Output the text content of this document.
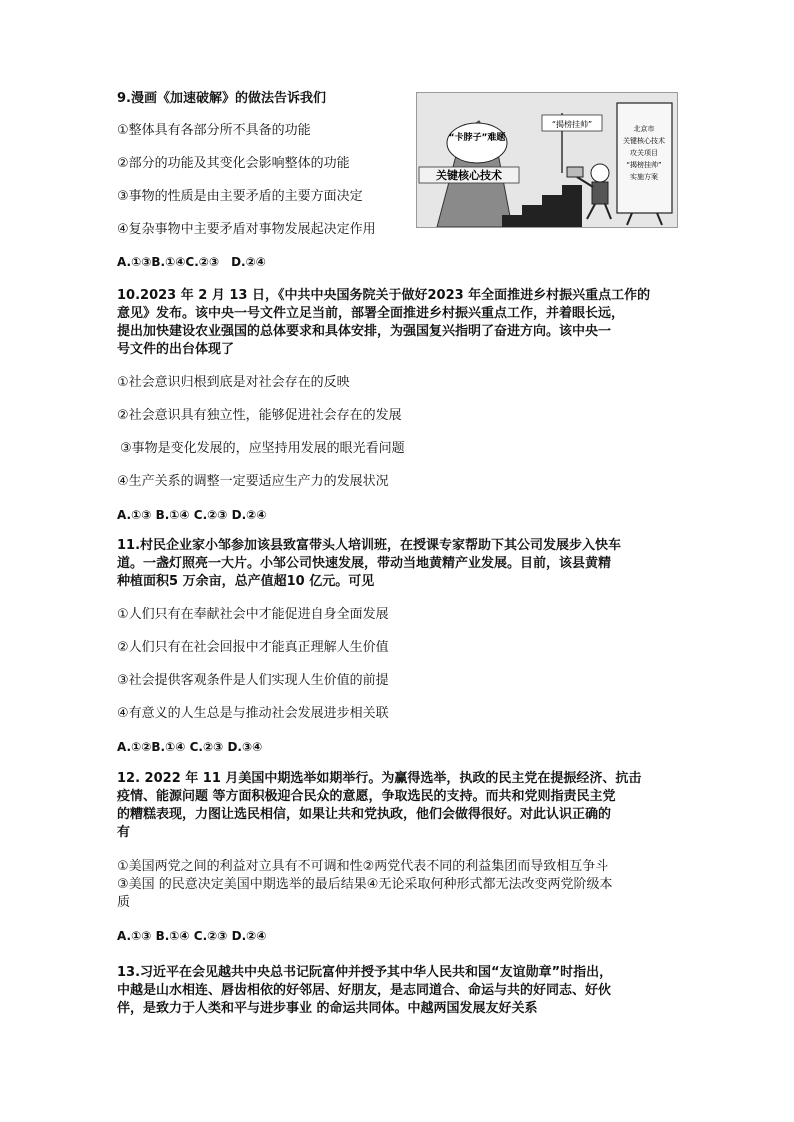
9.漫画《加速破解》的做法告诉我们

①整体具有各部分所不具备的功能

②部分的功能及其变化会影响整体的功能

③事物的性质是由主要矛盾的主要方面决定

④复杂事物中主要矛盾对事物发展起决定作用

A.①③B.①④C.②③　D.②④

“卡脖子”难题
关键核心技术
“揭榜挂帅”	北京市
关键核心技术
攻关项目
“揭榜挂帅”
实施方案

10.2023 年 2 月 13 日，《中共中央国务院关于做好2023 年全面推进乡村振兴重点工作的

意见》发布。该中央一号文件立足当前，部署全面推进乡村振兴重点工作，并着眼长远，

提出加快建设农业强国的总体要求和具体安排，为强国复兴指明了奋进方向。该中央一

号文件的出台体现了

①社会意识归根到底是对社会存在的反映

②社会意识具有独立性，能够促进社会存在的发展

③事物是变化发展的，应坚持用发展的眼光看问题

④生产关系的调整一定要适应生产力的发展状况

A.①③ B.①④ C.②③ D.②④

11.村民企业家小邹参加该县致富带头人培训班，在授课专家帮助下其公司发展步入快车

道。一盏灯照亮一大片。小邹公司快速发展，带动当地黄精产业发展。目前，该县黄精

种植面积5 万余亩，总产值超10 亿元。可见

①人们只有在奉献社会中才能促进自身全面发展

②人们只有在社会回报中才能真正理解人生价值

③社会提供客观条件是人们实现人生价值的前提

④有意义的人生总是与推动社会发展进步相关联

A.①②B.①④ C.②③ D.③④

12. 2022 年 11 月美国中期选举如期举行。为赢得选举，执政的民主党在提振经济、抗击

疫情、能源问题 等方面积极迎合民众的意愿，争取选民的支持。而共和党则指责民主党

的糟糕表现，力图让选民相信，如果让共和党执政，他们会做得很好。对此认识正确的

有

①美国两党之间的利益对立具有不可调和性②两党代表不同的利益集团而导致相互争斗

③美国 的民意决定美国中期选举的最后结果④无论采取何种形式都无法改变两党阶级本

质

A.①③ B.①④ C.②③ D.②④

13.习近平在会见越共中央总书记阮富仲并授予其中华人民共和国“友谊勋章”时指出，

中越是山水相连、唇齿相依的好邻居、好朋友，是志同道合、命运与共的好同志、好伙

伴，是致力于人类和平与进步事业 的命运共同体。中越两国发展友好关系
